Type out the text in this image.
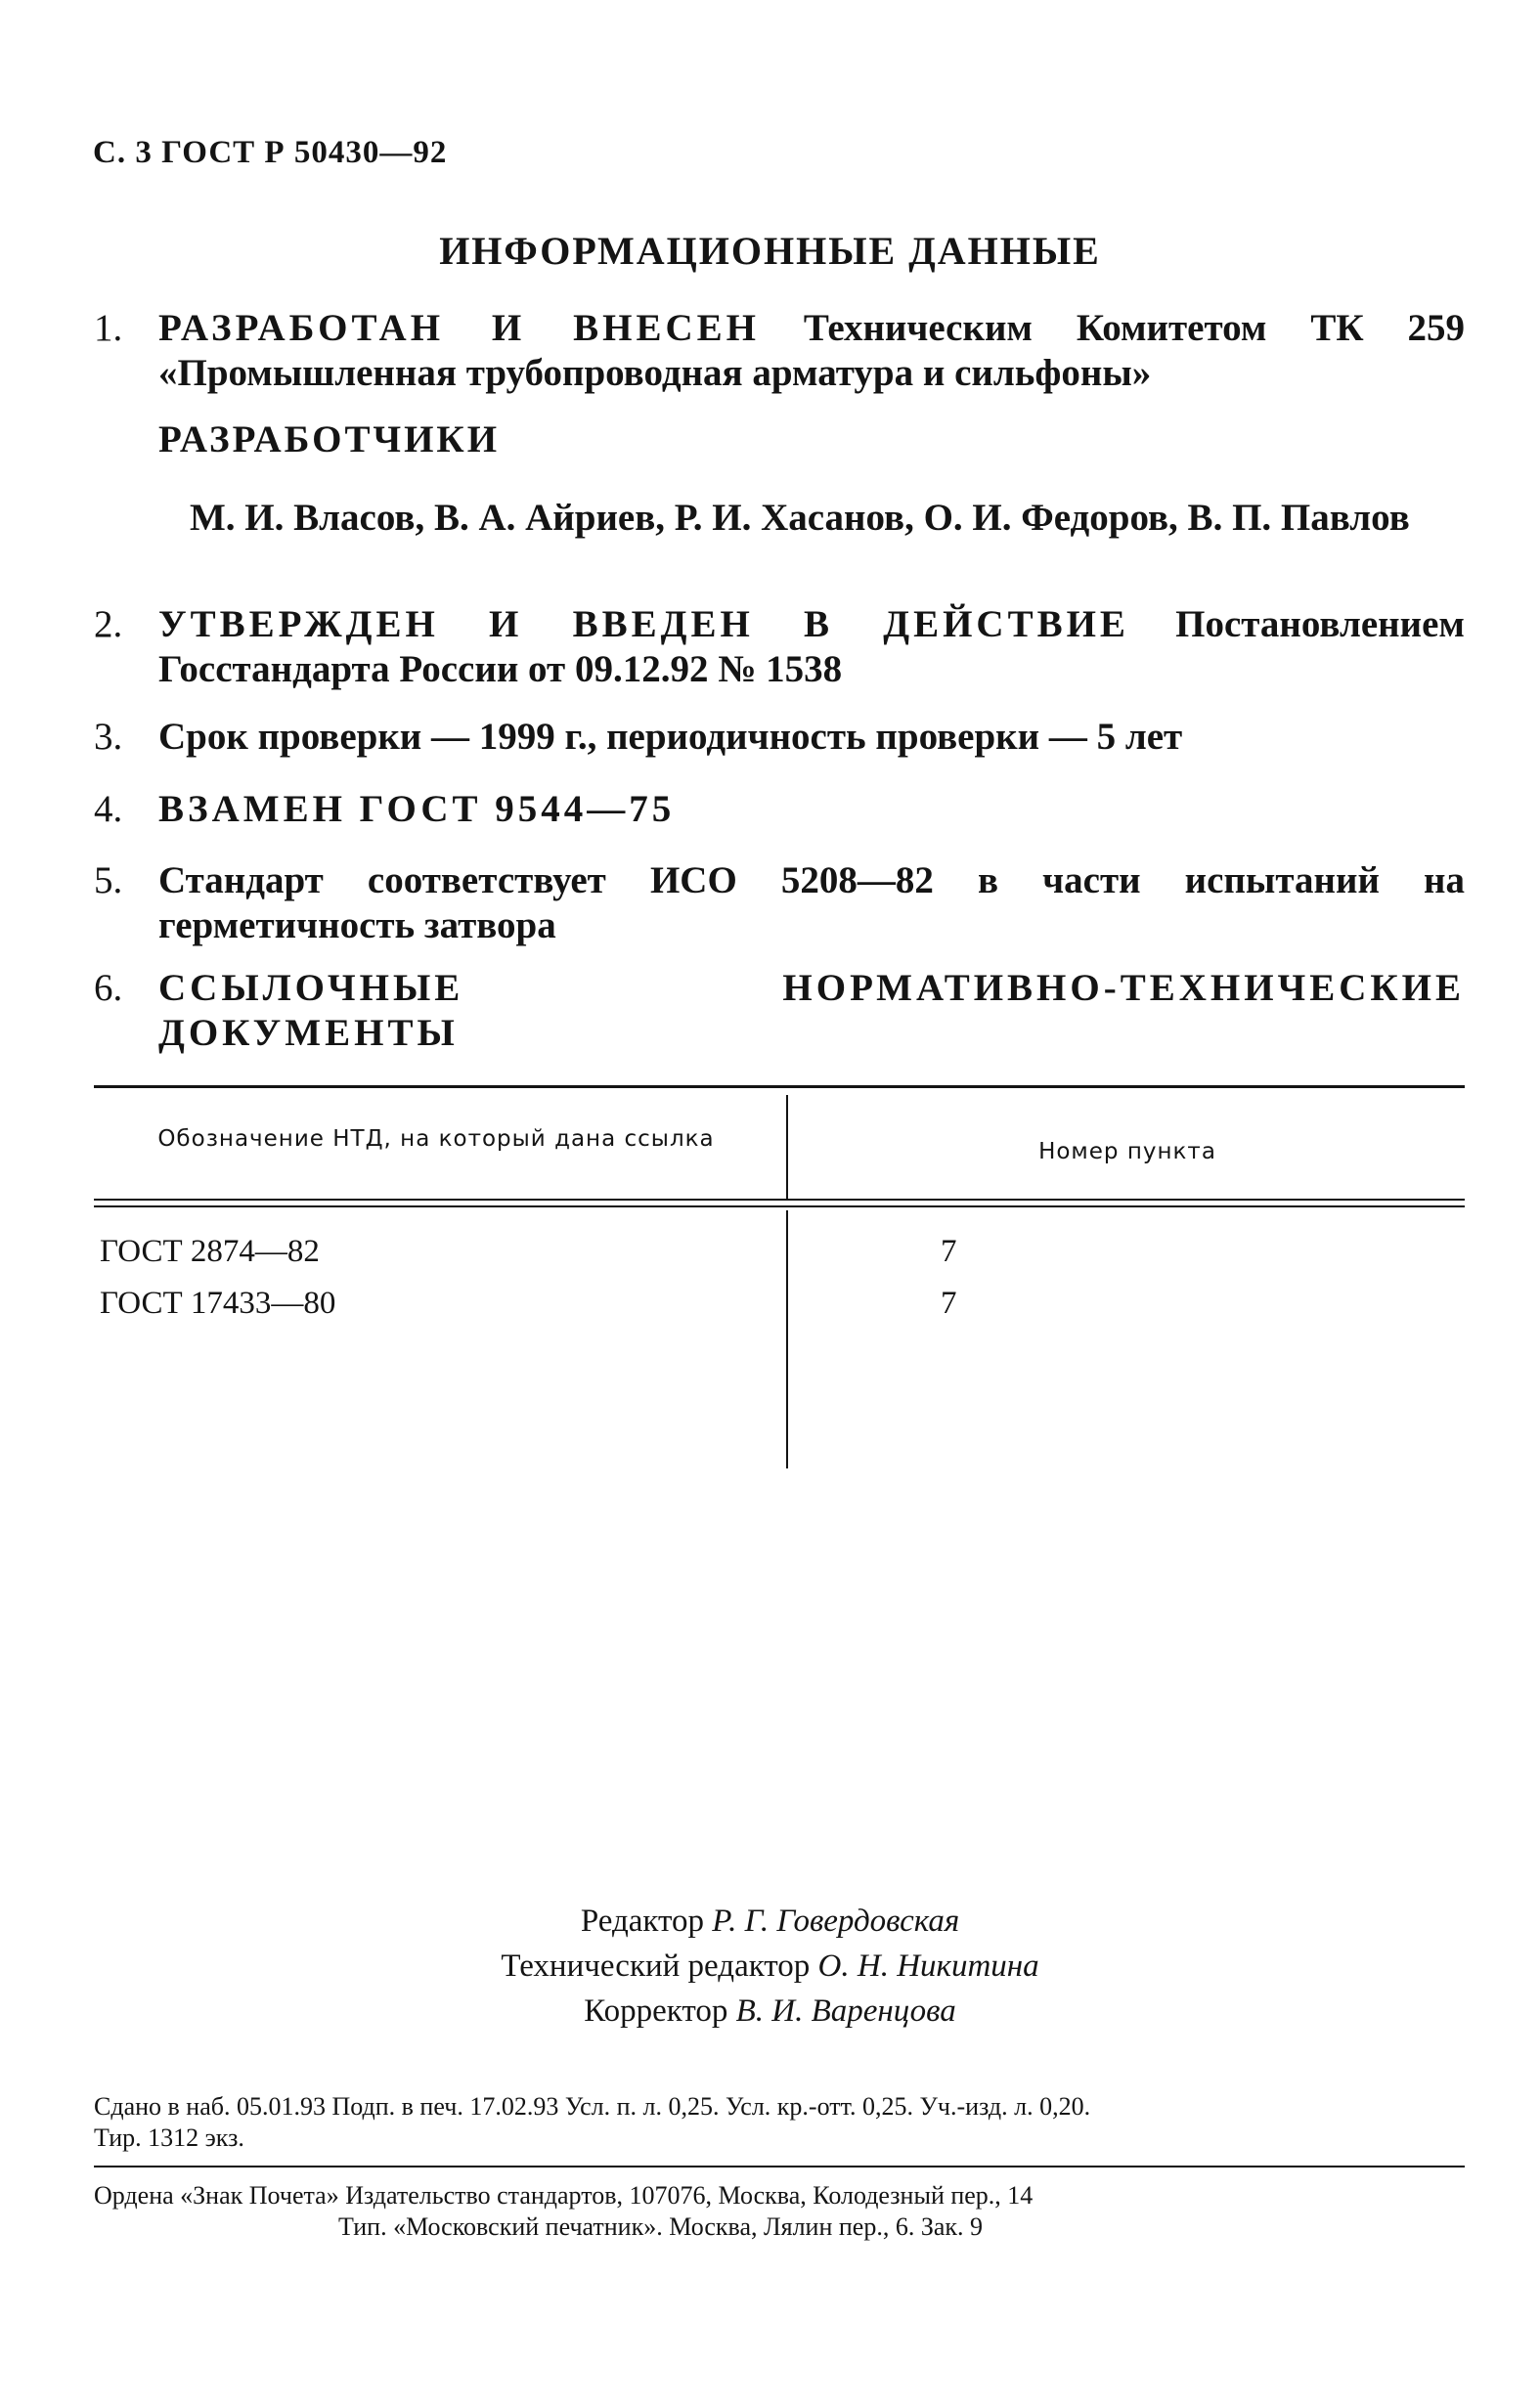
С. 3 ГОСТ Р 50430—92
ИНФОРМАЦИОННЫЕ ДАННЫЕ
1. РАЗРАБОТАН И ВНЕСЕН Техническим Комитетом ТК 259 «Промышленная трубопроводная арматура и сильфоны»
РАЗРАБОТЧИКИ
М. И. Власов, В. А. Айриев, Р. И. Хасанов, О. И. Федоров, В. П. Павлов
2. УТВЕРЖДЕН И ВВЕДЕН В ДЕЙСТВИЕ Постановлением Госстандарта России от 09.12.92 № 1538
3. Срок проверки — 1999 г., периодичность проверки — 5 лет
4. ВЗАМЕН ГОСТ 9544—75
5. Стандарт соответствует ИСО 5208—82 в части испытаний на герметичность затвора
6. ССЫЛОЧНЫЕ НОРМАТИВНО-ТЕХНИЧЕСКИЕ ДОКУМЕНТЫ
Обозначение НТД, на который дана ссылка	Номер пункта
ГОСТ 2874—82	7
ГОСТ 17433—80	7
Редактор Р. Г. Говердовская
Технический редактор О. Н. Никитина
Корректор В. И. Варенцова
Сдано в наб. 05.01.93 Подп. в печ. 17.02.93 Усл. п. л. 0,25. Усл. кр.-отт. 0,25. Уч.-изд. л. 0,20.
Тир. 1312 экз.
Ордена «Знак Почета» Издательство стандартов, 107076, Москва, Колодезный пер., 14
Тип. «Московский печатник». Москва, Лялин пер., 6. Зак. 9
